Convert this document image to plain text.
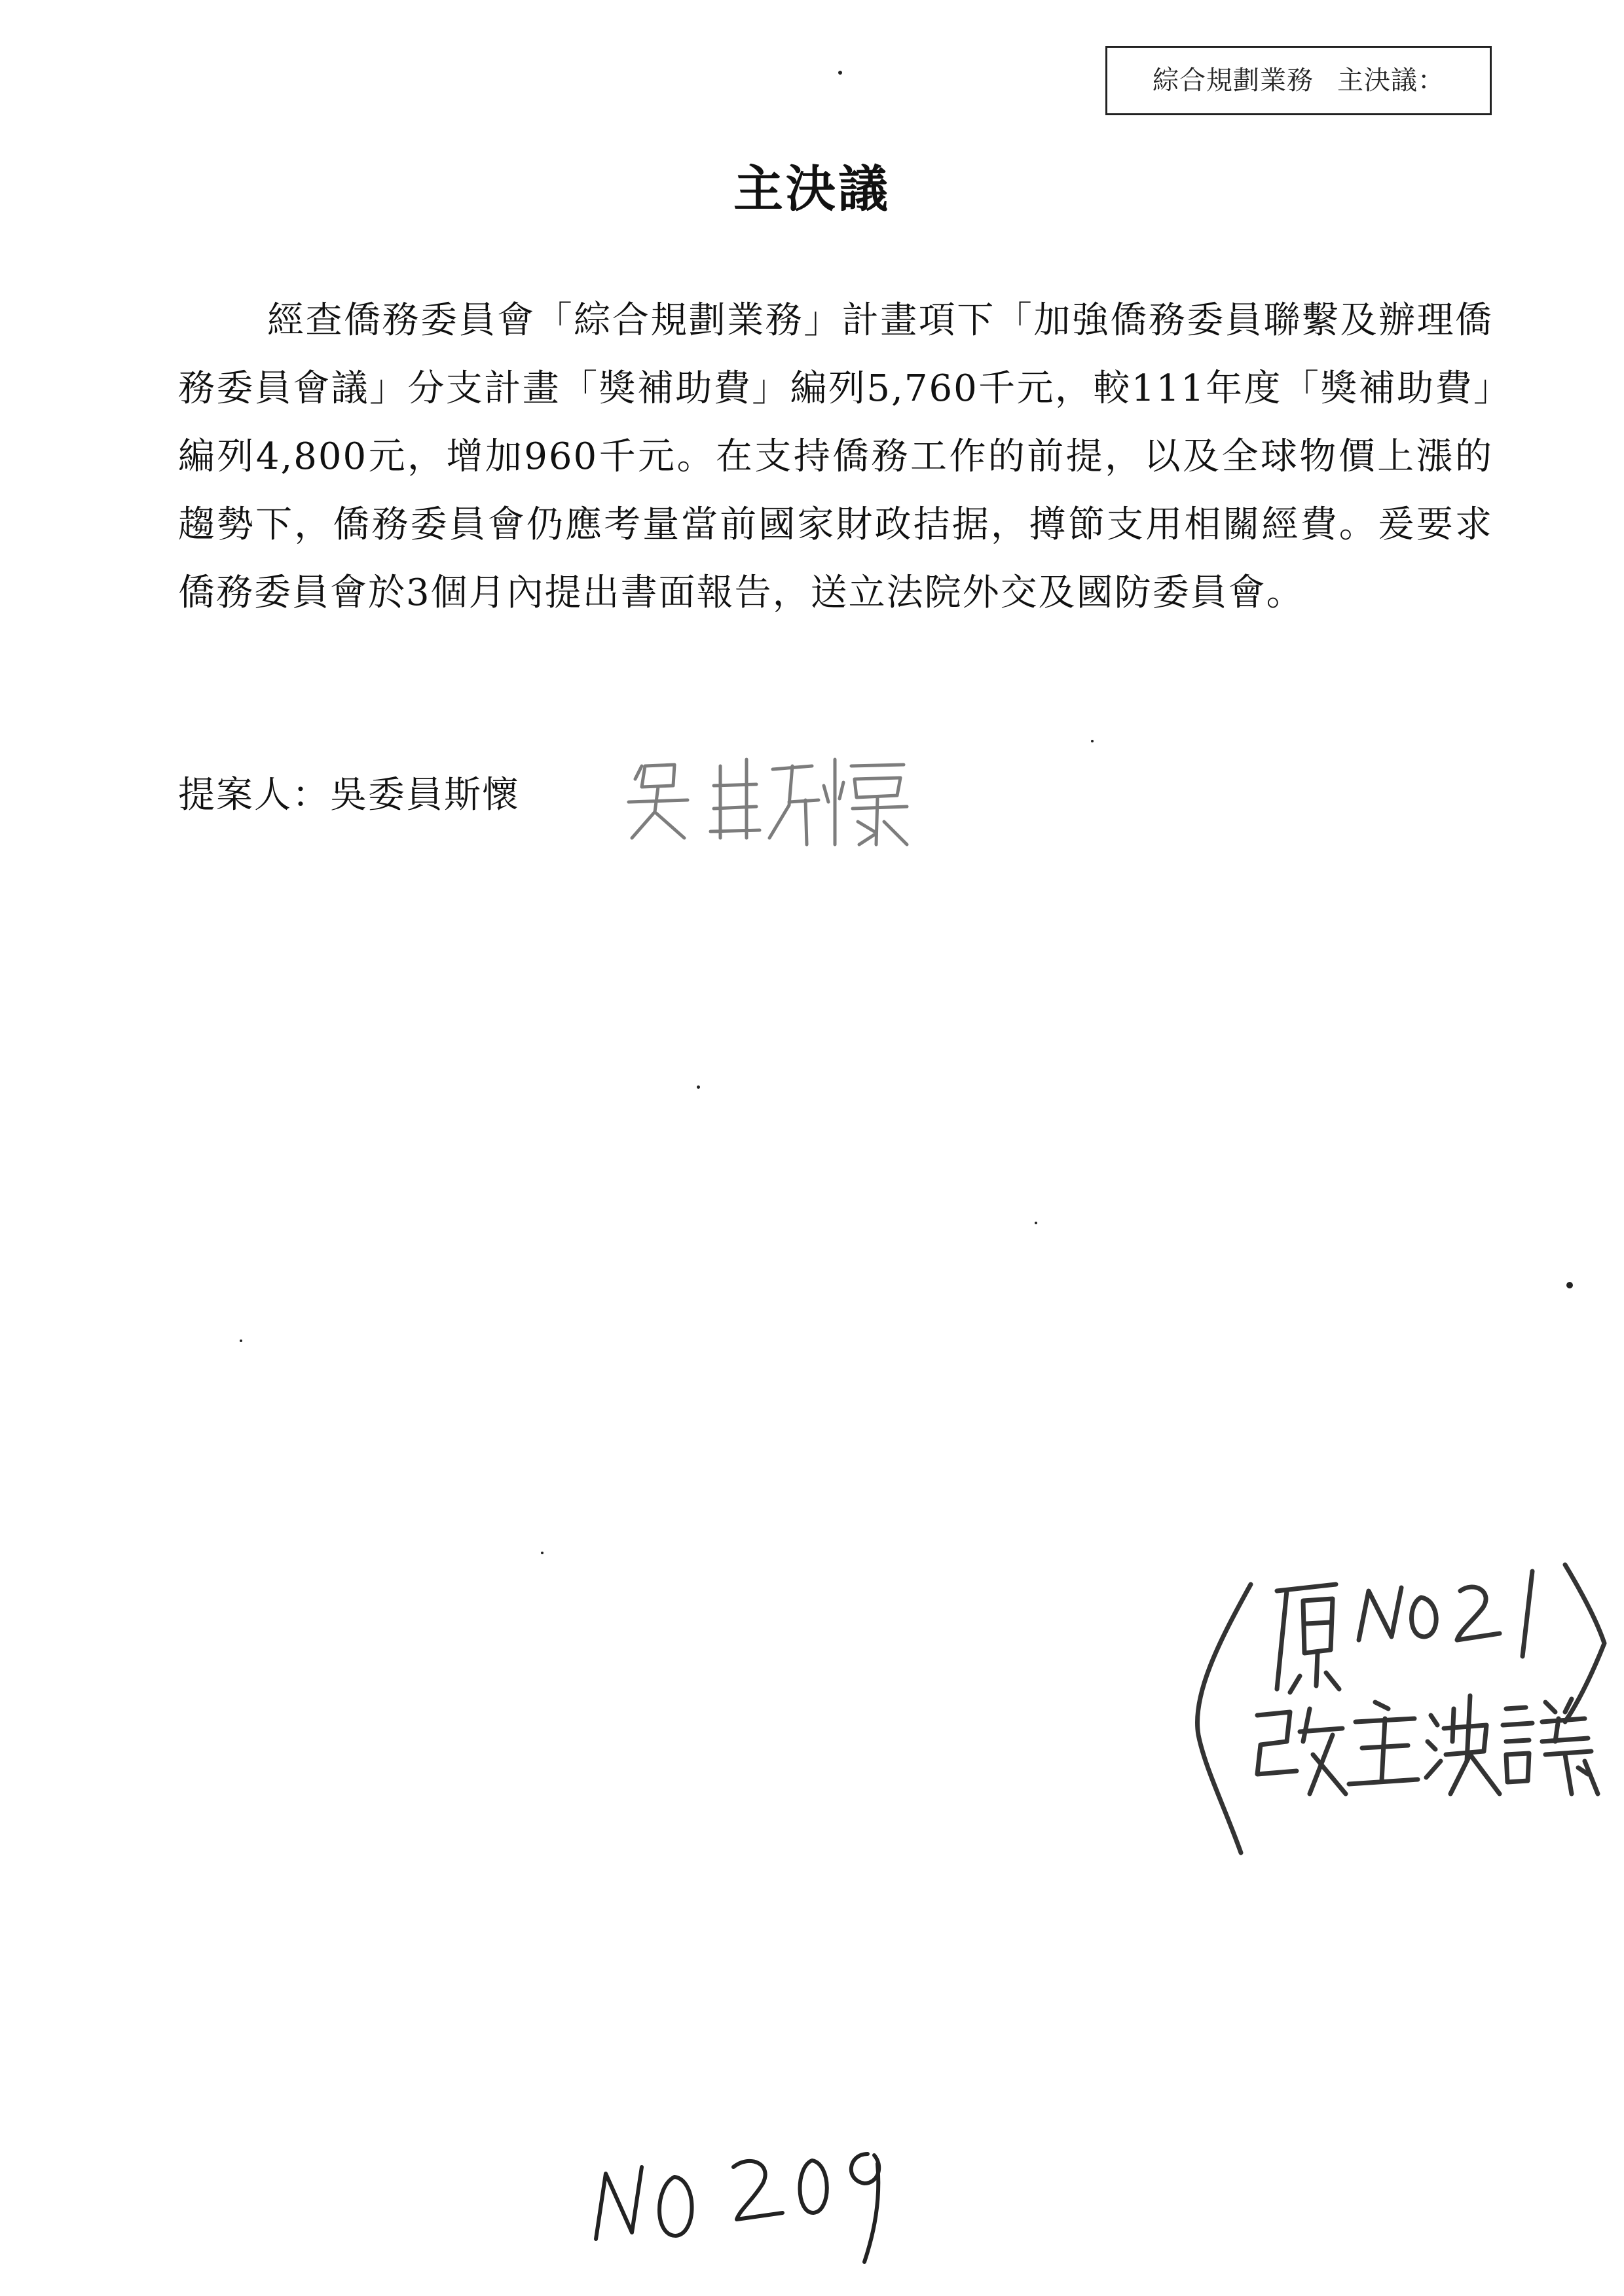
綜合規劃業務 主決議：
主決議

經查僑務委員會「綜合規劃業務」計畫項下「加強僑務委員聯繫及辦理僑務委員會議」分支計畫「獎補助費」編列5,760千元，較111年度「獎補助費」編列4,800元，增加960千元。在支持僑務工作的前提，以及全球物價上漲的趨勢下，僑務委員會仍應考量當前國家財政拮据，撙節支用相關經費。爰要求僑務委員會於3個月內提出書面報告，送立法院外交及國防委員會。

提案人：吳委員斯懷
